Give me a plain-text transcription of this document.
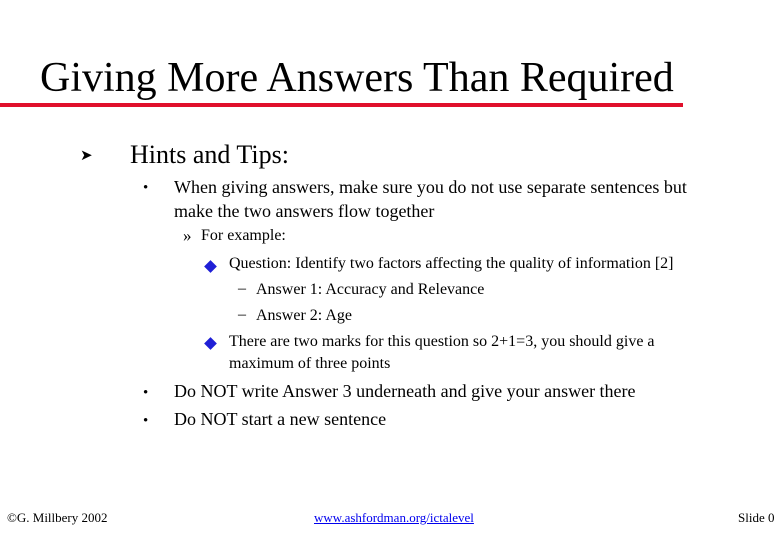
Giving More Answers Than Required
➤ Hints and Tips:
• When giving answers, make sure you do not use separate sentences but
make the two answers flow together
» For example:
Question: Identify two factors affecting the quality of information [2]
– Answer 1: Accuracy and Relevance
– Answer 2: Age
There are two marks for this question so 2+1=3, you should give a
maximum of three points
• Do NOT write Answer 3 underneath and give your answer there
• Do NOT start a new sentence
©G. Millbery 2002	www.ashfordman.org/ictalevel	Slide 0
